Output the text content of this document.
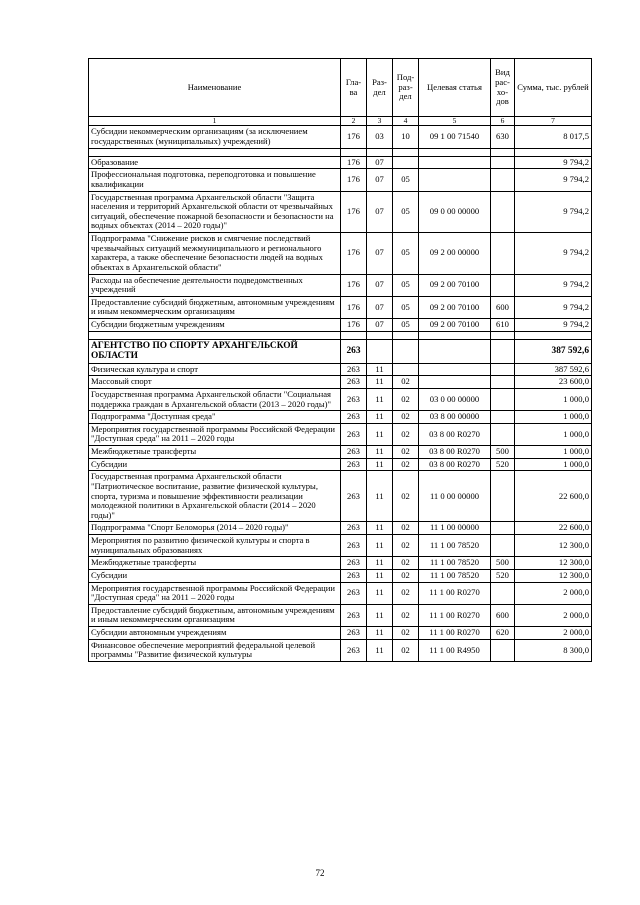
Наименование	Гла-ва	Раз-дел	Под-раз-дел	Целевая статья	Вид рас-хо-дов	Сумма, тыс. рублей
1	2	3	4	5	6	7
Субсидии некоммерческим организациям (за исключением государственных (муниципальных) учреждений)	176	03	10	09 1 00 71540	630	8 017,5

Образование	176	07				9 794,2
Профессиональная подготовка, переподготовка и повышение квалификации	176	07	05			9 794,2
Государственная программа Архангельской области "Защита населения и территорий Архангельской области от чрезвычайных ситуаций, обеспечение пожарной безопасности и безопасности на водных объектах (2014 – 2020 годы)"	176	07	05	09 0 00 00000		9 794,2
Подпрограмма "Снижение рисков и смягчение последствий чрезвычайных ситуаций межмуниципального и регионального характера, а также обеспечение безопасности людей на водных объектах в Архангельской области"	176	07	05	09 2 00 00000		9 794,2
Расходы на обеспечение деятельности подведомственных учреждений	176	07	05	09 2 00 70100		9 794,2
Предоставление субсидий бюджетным, автономным учреждениям и иным некоммерческим организациям	176	07	05	09 2 00 70100	600	9 794,2
Субсидии бюджетным учреждениям	176	07	05	09 2 00 70100	610	9 794,2

АГЕНТСТВО ПО СПОРТУ АРХАНГЕЛЬСКОЙ ОБЛАСТИ	263					387 592,6
Физическая культура и спорт	263	11				387 592,6
Массовый спорт	263	11	02			23 600,0
Государственная программа Архангельской области "Социальная поддержка граждан в Архангельской области (2013 – 2020 годы)"	263	11	02	03 0 00 00000		1 000,0
Подпрограмма "Доступная среда"	263	11	02	03 8 00 00000		1 000,0
Мероприятия государственной программы Российской Федерации "Доступная среда" на 2011 – 2020 годы	263	11	02	03 8 00 R0270		1 000,0
Межбюджетные трансферты	263	11	02	03 8 00 R0270	500	1 000,0
Субсидии	263	11	02	03 8 00 R0270	520	1 000,0
Государственная программа Архангельской области "Патриотическое воспитание, развитие физической культуры, спорта, туризма и повышение эффективности реализации молодежной политики в Архангельской области (2014 – 2020 годы)"	263	11	02	11 0 00 00000		22 600,0
Подпрограмма "Спорт Беломорья (2014 – 2020 годы)"	263	11	02	11 1 00 00000		22 600,0
Мероприятия по развитию физической культуры и спорта в муниципальных образованиях	263	11	02	11 1 00 78520		12 300,0
Межбюджетные трансферты	263	11	02	11 1 00 78520	500	12 300,0
Субсидии	263	11	02	11 1 00 78520	520	12 300,0
Мероприятия государственной программы Российской Федерации "Доступная среда" на 2011 – 2020 годы	263	11	02	11 1 00 R0270		2 000,0
Предоставление субсидий бюджетным, автономным учреждениям и иным некоммерческим организациям	263	11	02	11 1 00 R0270	600	2 000,0
Субсидии автономным учреждениям	263	11	02	11 1 00 R0270	620	2 000,0
Финансовое обеспечение мероприятий федеральной целевой программы "Развитие физической культуры	263	11	02	11 1 00 R4950		8 300,0
72
